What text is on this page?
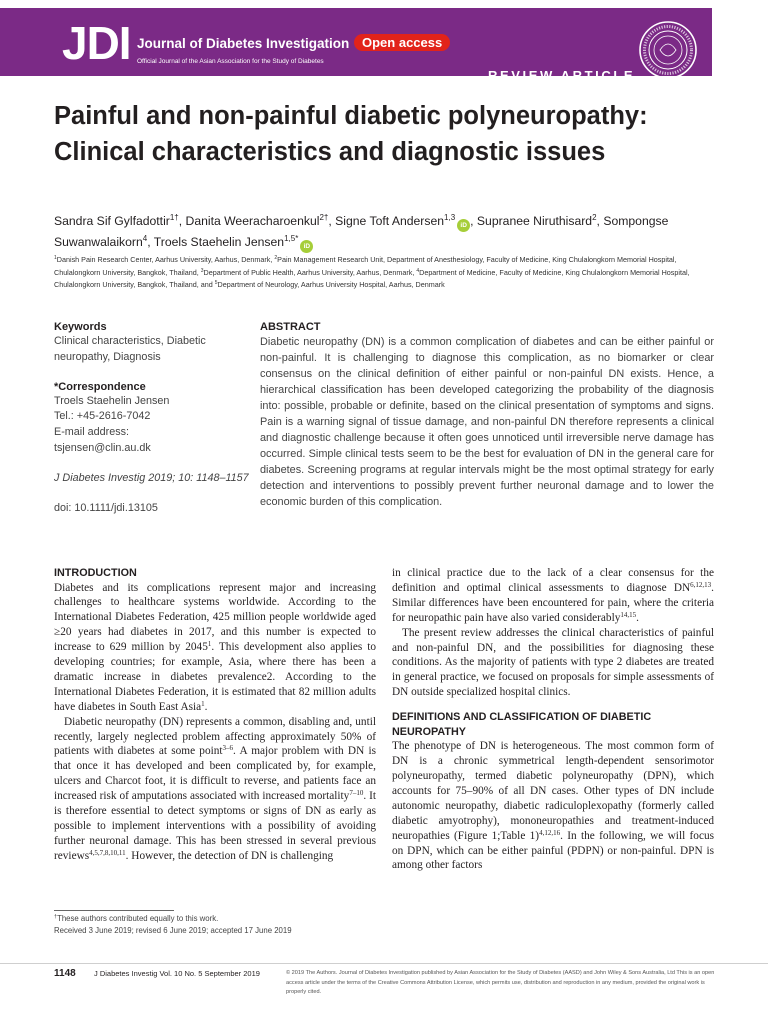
JDI Journal of Diabetes Investigation Open access
Official Journal of the Asian Association for the Study of Diabetes
REVIEW ARTICLE
Painful and non-painful diabetic polyneuropathy: Clinical characteristics and diagnostic issues
Sandra Sif Gylfadottir$^{1\dagger}$, Danita Weeracharoenkul$^{2\dagger}$, Signe Toft Andersen$^{1,3}$iD , Supranee Niruthisard$^2$, Sompongse Suwanwalaikorn$^4$, Troels Staehelin Jensen$^{1,5*}$iD
$^1$Danish Pain Research Center, Aarhus University, Aarhus, Denmark, $^2$Pain Management Research Unit, Department of Anesthesiology, Faculty of Medicine, King Chulalongkorn Memorial Hospital, Chulalongkorn University, Bangkok, Thailand, $^3$Department of Public Health, Aarhus University, Aarhus, Denmark, $^4$Department of Medicine, Faculty of Medicine, King Chulalongkorn Memorial Hospital, Chulalongkorn University, Bangkok, Thailand, and $^5$Department of Neurology, Aarhus University Hospital, Aarhus, Denmark
Keywords
Clinical characteristics, Diabetic neuropathy, Diagnosis
*Correspondence
Troels Staehelin Jensen
Tel.: +45-2616-7042
E-mail address:
tsjensen@clin.au.dk
J Diabetes Investig 2019; 10: 1148–1157
doi: 10.1111/jdi.13105
ABSTRACT
Diabetic neuropathy (DN) is a common complication of diabetes and can be either painful or non-painful. It is challenging to diagnose this complication, as no biomarker or clear consensus on the clinical definition of either painful or non-painful DN exists. Hence, a hierarchical classification has been developed categorizing the probability of the diagnosis into: possible, probable or definite, based on the clinical presentation of symptoms and signs. Pain is a warning signal of tissue damage, and non-painful DN therefore represents a clinical and diagnostic challenge because it often goes unnoticed until irreversible nerve damage has occurred. Simple clinical tests seem to be the best for evaluation of DN in the general care for diabetes. Screening programs at regular intervals might be the most optimal strategy for early detection and interventions to possibly prevent further neuronal damage and to lower the economic burden of this complication.
INTRODUCTION

Diabetes and its complications represent major and increasing challenges to healthcare systems worldwide. According to the International Diabetes Federation, 425 million people worldwide aged ≥20 years had diabetes in 2017, and this number is expected to increase to 629 million by 2045$^1$. This development also applies to developing countries; for example, Asia, where there has been a dramatic increase in diabetes prevalence2. According to the International Diabetes Federation, it is estimated that 82 million adults have diabetes in South East Asia$^1$.

Diabetic neuropathy (DN) represents a common, disabling and, until recently, largely neglected problem affecting approximately 50% of patients with diabetes at some point$^{3-6}$. A major problem with DN is that once it has developed and been complicated by, for example, ulcers and Charcot foot, it is difficult to reverse, and patients face an increased risk of amputations associated with increased mortality$^{7-10}$. It is therefore essential to detect symptoms or signs of DN as early as possible to implement interventions with a possibility of avoiding further neuronal damage. This has been stressed in several previous reviews$^{4,5,7,8,10,11}$. However, the detection of DN is challenging

in clinical practice due to the lack of a clear consensus for the definition and optimal clinical assessments to diagnose DN$^{6,12,13}$. Similar differences have been encountered for pain, where the criteria for neuropathic pain have also varied considerably$^{14,15}$.

The present review addresses the clinical characteristics of painful and non-painful DN, and the possibilities for diagnosing these conditions. As the majority of patients with type 2 diabetes are treated in general practice, we focused on proposals for simple assessments of DN outside specialized hospital clinics.

DEFINITIONS AND CLASSIFICATION OF DIABETIC NEUROPATHY

The phenotype of DN is heterogeneous. The most common form of DN is a chronic symmetrical length-dependent sensorimotor polyneuropathy, termed diabetic polyneuropathy (DPN), which accounts for 75–90% of all DN cases. Other types of DN include autonomic neuropathy, diabetic radiculoplexopathy (formerly called diabetic amyotrophy), mononeuropathies and treatment-induced neuropathies (Figure 1;Table 1)$^{4,12,16}$. In the following, we will focus on DPN, which can be either painful (PDPN) or non-painful. DPN is among other factors

†These authors contributed equally to this work.
Received 3 June 2019; revised 6 June 2019; accepted 17 June 2019
1148 J Diabetes Investig Vol. 10 No. 5 September 2019	© 2019 The Authors. Journal of Diabetes Investigation published by Asian Association for the Study of Diabetes (AASD) and John Wiley & Sons Australia, Ltd This is an open access article under the terms of the Creative Commons Attribution License, which permits use, distribution and reproduction in any medium, provided the original work is properly cited.
